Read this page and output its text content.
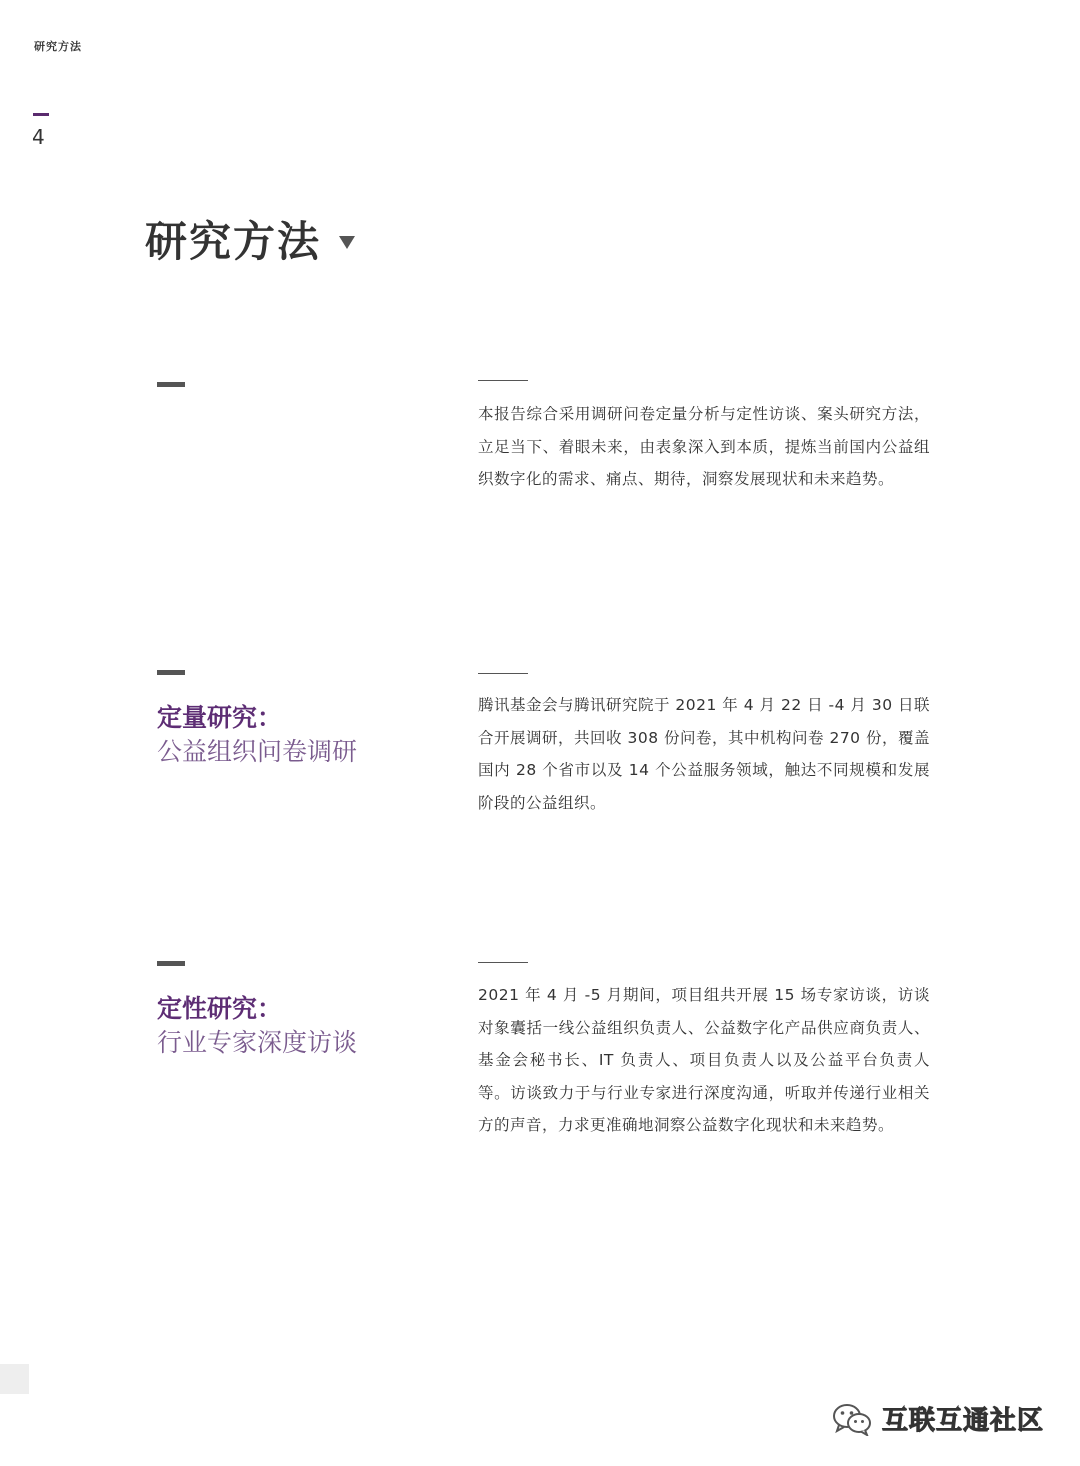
研究方法
4
研究方法
本报告综合采用调研问卷定量分析与定性访谈、案头研究方法，立足当下、着眼未来，由表象深入到本质，提炼当前国内公益组织数字化的需求、痛点、期待，洞察发展现状和未来趋势。
定量研究：
公益组织问卷调研
腾讯基金会与腾讯研究院于 2021 年 4 月 22 日 -4 月 30 日联合开展调研，共回收 308 份问卷，其中机构问卷 270 份，覆盖国内 28 个省市以及 14 个公益服务领域，触达不同规模和发展阶段的公益组织。
定性研究：
行业专家深度访谈
2021 年 4 月 -5 月期间，项目组共开展 15 场专家访谈，访谈对象囊括一线公益组织负责人、公益数字化产品供应商负责人、基金会秘书长、IT 负责人、项目负责人以及公益平台负责人等。访谈致力于与行业专家进行深度沟通，听取并传递行业相关方的声音，力求更准确地洞察公益数字化现状和未来趋势。
互联互通社区
